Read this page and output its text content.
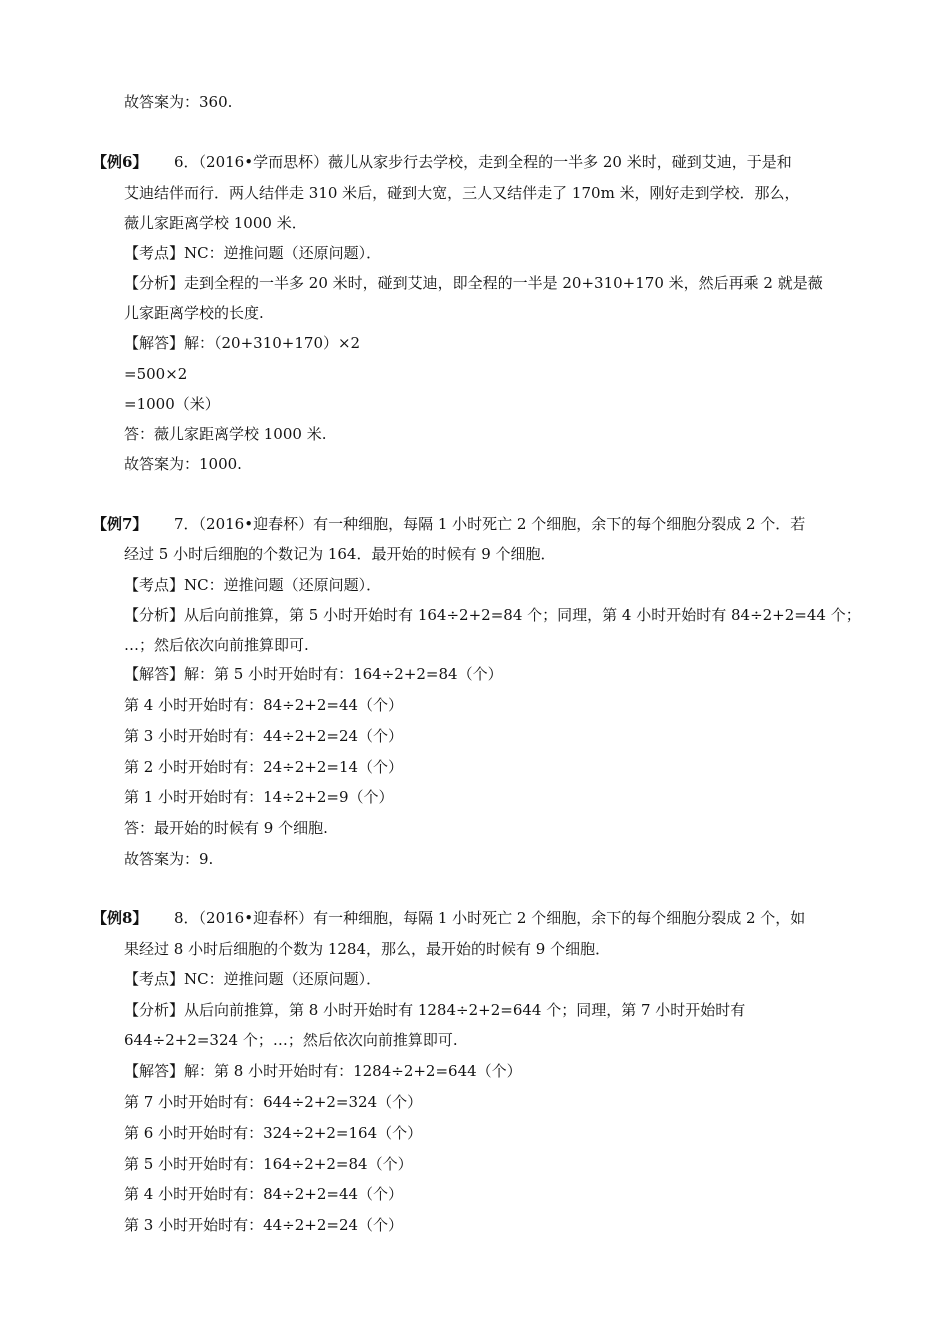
故答案为：360.
【例6】 6．（2016•学而思杯）薇儿从家步行去学校，走到全程的一半多 20 米时，碰到艾迪，于是和
艾迪结伴而行．两人结伴走 310 米后，碰到大宽，三人又结伴走了 170m 米，刚好走到学校．那么，
薇儿家距离学校 1000 米．
【考点】NC：逆推问题（还原问题）．
【分析】走到全程的一半多 20 米时，碰到艾迪，即全程的一半是 20+310+170 米，然后再乘 2 就是薇
儿家距离学校的长度.
【解答】解：（20+310+170）×2
=500×2
=1000（米）
答：薇儿家距离学校 1000 米.
故答案为：1000.
【例7】 7．（2016•迎春杯）有一种细胞，每隔 1 小时死亡 2 个细胞，余下的每个细胞分裂成 2 个．若
经过 5 小时后细胞的个数记为 164．最开始的时候有 9 个细胞．
【考点】NC：逆推问题（还原问题）．
【分析】从后向前推算，第 5 小时开始时有 164÷2+2=84 个；同理，第 4 小时开始时有 84÷2+2=44 个；
…；然后依次向前推算即可.
【解答】解：第 5 小时开始时有：164÷2+2=84（个）
第 4 小时开始时有：84÷2+2=44（个）
第 3 小时开始时有：44÷2+2=24（个）
第 2 小时开始时有：24÷2+2=14（个）
第 1 小时开始时有：14÷2+2=9（个）
答：最开始的时候有 9 个细胞.
故答案为：9.
【例8】 8．（2016•迎春杯）有一种细胞，每隔 1 小时死亡 2 个细胞，余下的每个细胞分裂成 2 个，如
果经过 8 小时后细胞的个数为 1284，那么，最开始的时候有 9 个细胞．
【考点】NC：逆推问题（还原问题）．
【分析】从后向前推算，第 8 小时开始时有 1284÷2+2=644 个；同理，第 7 小时开始时有
644÷2+2=324 个；…；然后依次向前推算即可.
【解答】解：第 8 小时开始时有：1284÷2+2=644（个）
第 7 小时开始时有：644÷2+2=324（个）
第 6 小时开始时有：324÷2+2=164（个）
第 5 小时开始时有：164÷2+2=84（个）
第 4 小时开始时有：84÷2+2=44（个）
第 3 小时开始时有：44÷2+2=24（个）
